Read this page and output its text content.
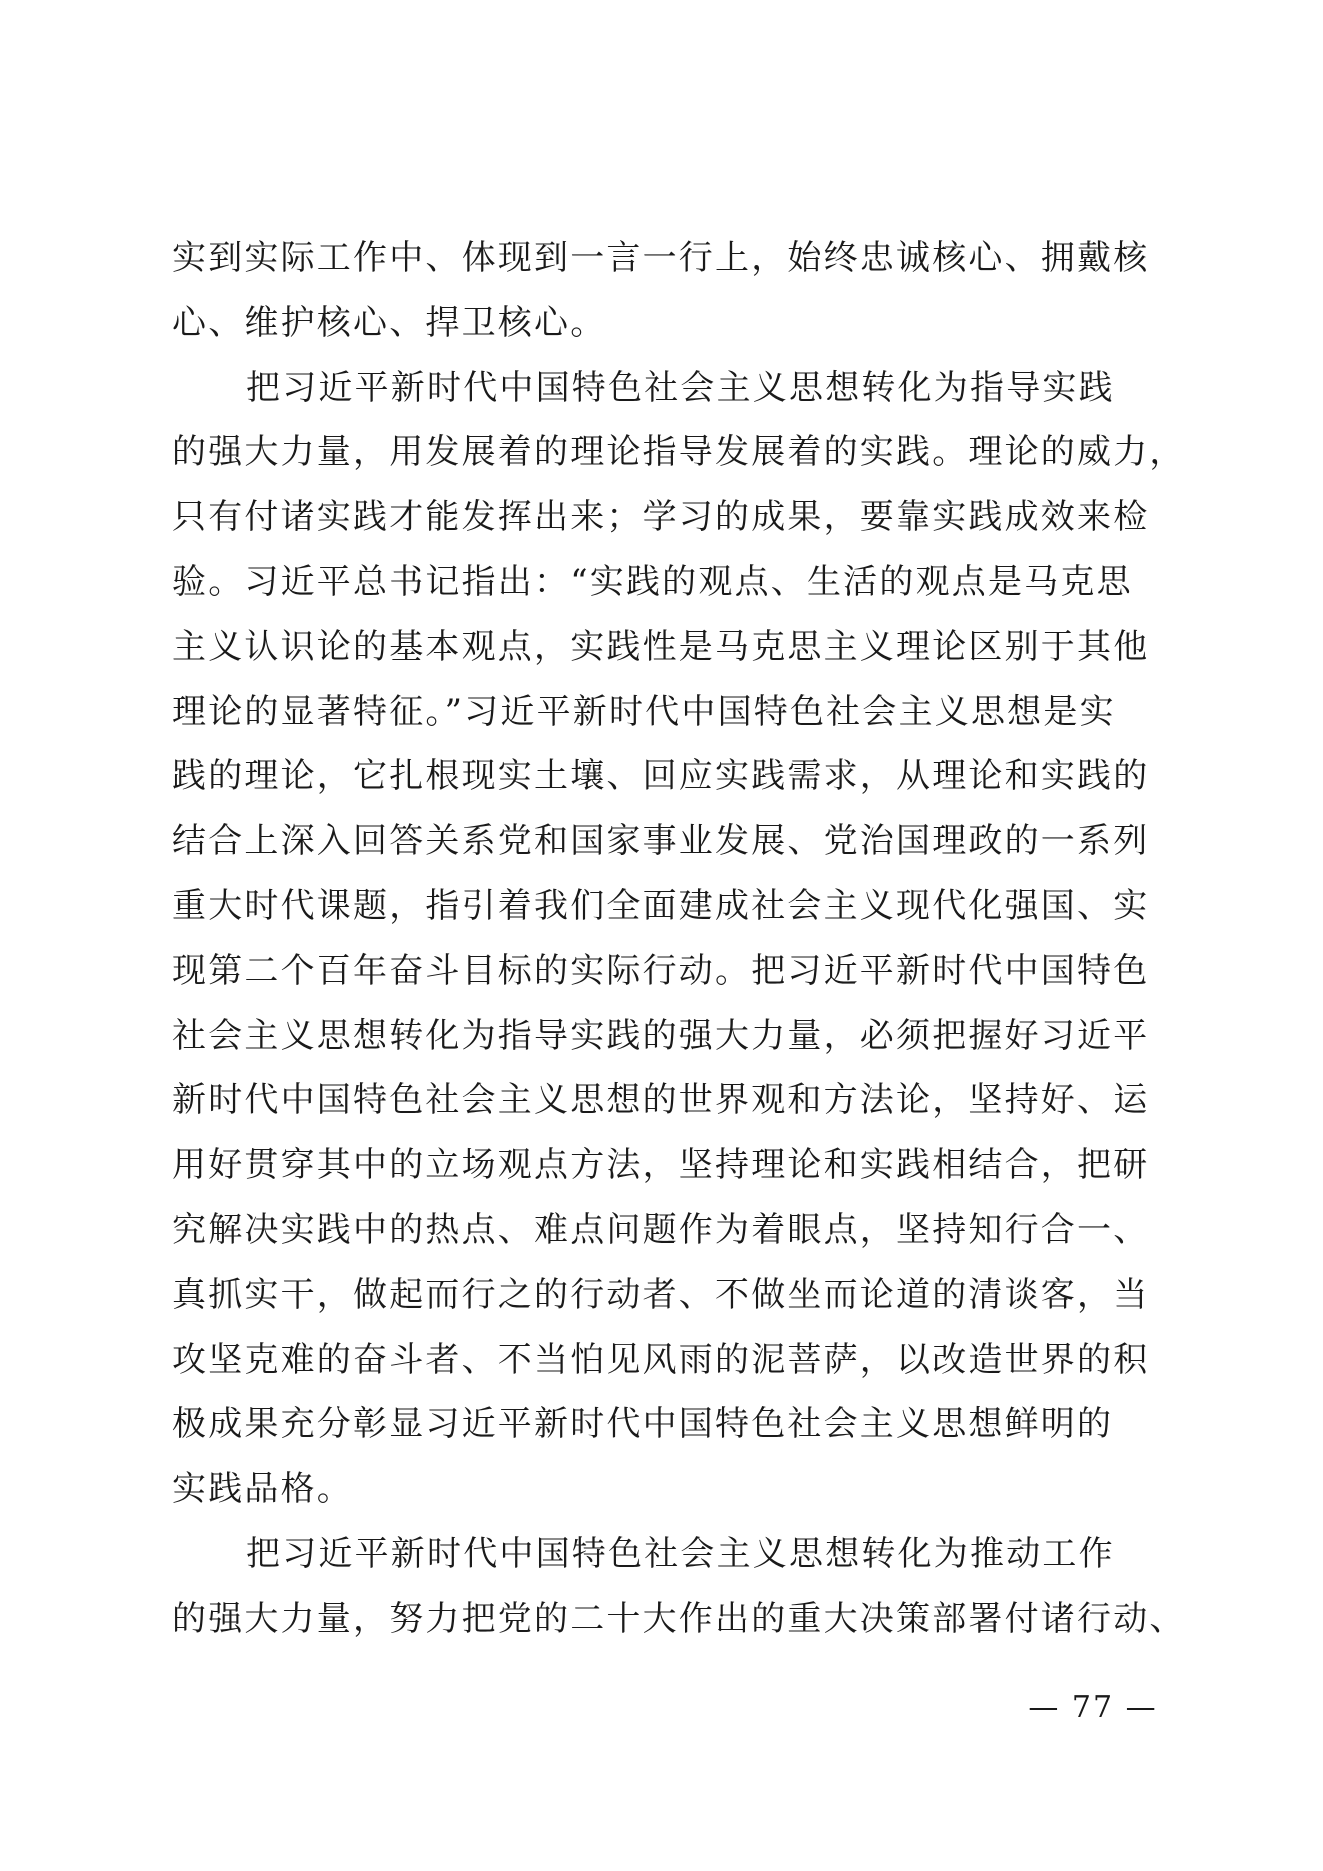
实到实际工作中、体现到一言一行上，始终忠诚核心、拥戴核
心、维护核心、捍卫核心。
把习近平新时代中国特色社会主义思想转化为指导实践
的强大力量，用发展着的理论指导发展着的实践。理论的威力，
只有付诸实践才能发挥出来；学习的成果，要靠实践成效来检
验。习近平总书记指出：“实践的观点、生活的观点是马克思
主义认识论的基本观点，实践性是马克思主义理论区别于其他
理论的显著特征。”习近平新时代中国特色社会主义思想是实
践的理论，它扎根现实土壤、回应实践需求，从理论和实践的
结合上深入回答关系党和国家事业发展、党治国理政的一系列
重大时代课题，指引着我们全面建成社会主义现代化强国、实
现第二个百年奋斗目标的实际行动。把习近平新时代中国特色
社会主义思想转化为指导实践的强大力量，必须把握好习近平
新时代中国特色社会主义思想的世界观和方法论，坚持好、运
用好贯穿其中的立场观点方法，坚持理论和实践相结合，把研
究解决实践中的热点、难点问题作为着眼点，坚持知行合一、
真抓实干，做起而行之的行动者、不做坐而论道的清谈客，当
攻坚克难的奋斗者、不当怕见风雨的泥菩萨，以改造世界的积
极成果充分彰显习近平新时代中国特色社会主义思想鲜明的
实践品格。
把习近平新时代中国特色社会主义思想转化为推动工作
的强大力量，努力把党的二十大作出的重大决策部署付诸行动、
— 77 —
